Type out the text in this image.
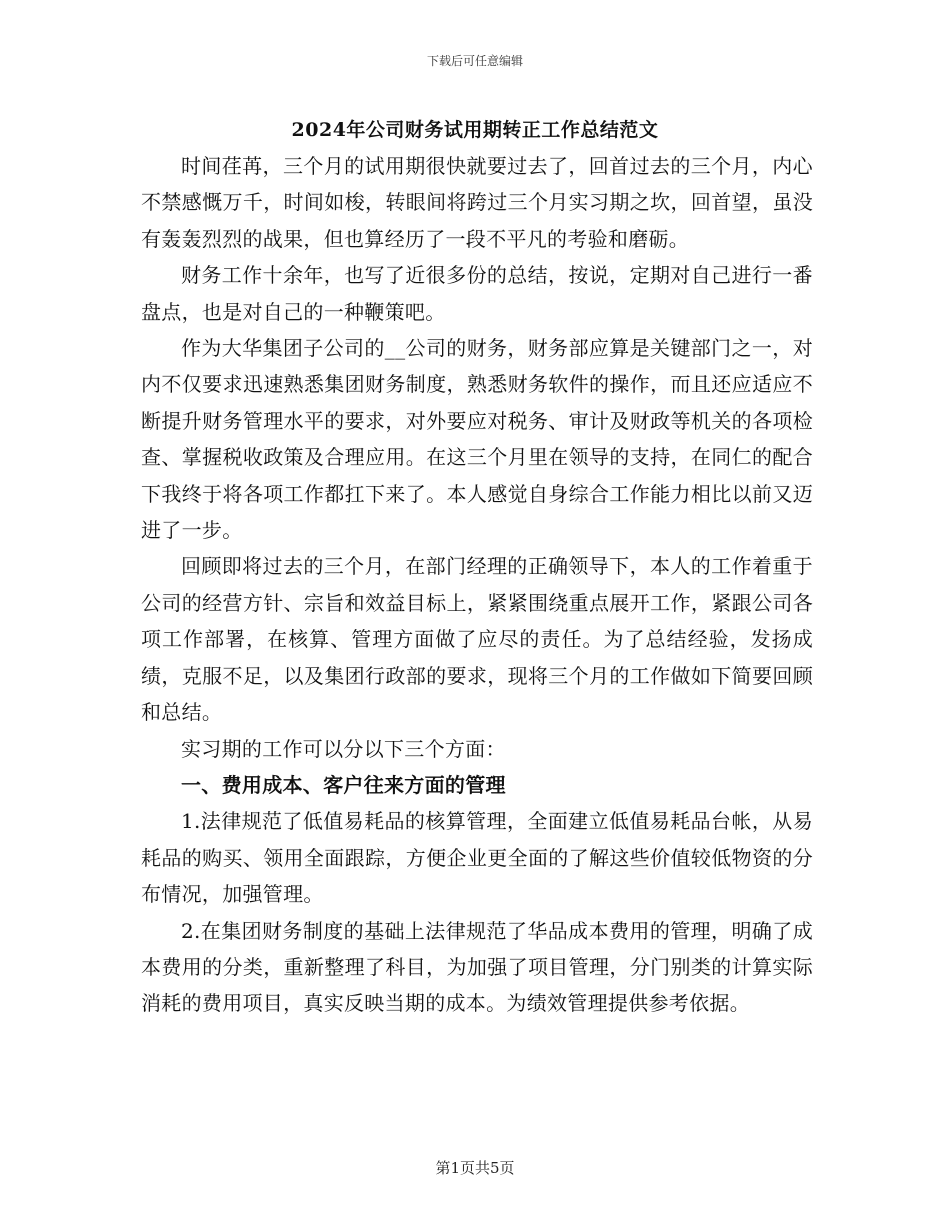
下载后可任意编辑
2024年公司财务试用期转正工作总结范文

时间荏苒，三个月的试用期很快就要过去了，回首过去的三个月，内心不禁感慨万千，时间如梭，转眼间将跨过三个月实习期之坎，回首望，虽没有轰轰烈烈的战果，但也算经历了一段不平凡的考验和磨砺。

财务工作十余年，也写了近很多份的总结，按说，定期对自己进行一番盘点，也是对自己的一种鞭策吧。

作为大华集团子公司的__公司的财务，财务部应算是关键部门之一，对内不仅要求迅速熟悉集团财务制度，熟悉财务软件的操作，而且还应适应不断提升财务管理水平的要求，对外要应对税务、审计及财政等机关的各项检查、掌握税收政策及合理应用。在这三个月里在领导的支持，在同仁的配合下我终于将各项工作都扛下来了。本人感觉自身综合工作能力相比以前又迈进了一步。

回顾即将过去的三个月，在部门经理的正确领导下，本人的工作着重于公司的经营方针、宗旨和效益目标上，紧紧围绕重点展开工作，紧跟公司各项工作部署，在核算、管理方面做了应尽的责任。为了总结经验，发扬成绩，克服不足，以及集团行政部的要求，现将三个月的工作做如下简要回顾和总结。

实习期的工作可以分以下三个方面：

一、费用成本、客户往来方面的管理

1.法律规范了低值易耗品的核算管理，全面建立低值易耗品台帐，从易耗品的购买、领用全面跟踪，方便企业更全面的了解这些价值较低物资的分布情况，加强管理。

2.在集团财务制度的基础上法律规范了华品成本费用的管理，明确了成本费用的分类，重新整理了科目，为加强了项目管理，分门别类的计算实际消耗的费用项目，真实反映当期的成本。为绩效管理提供参考依据。

第1页共5页
